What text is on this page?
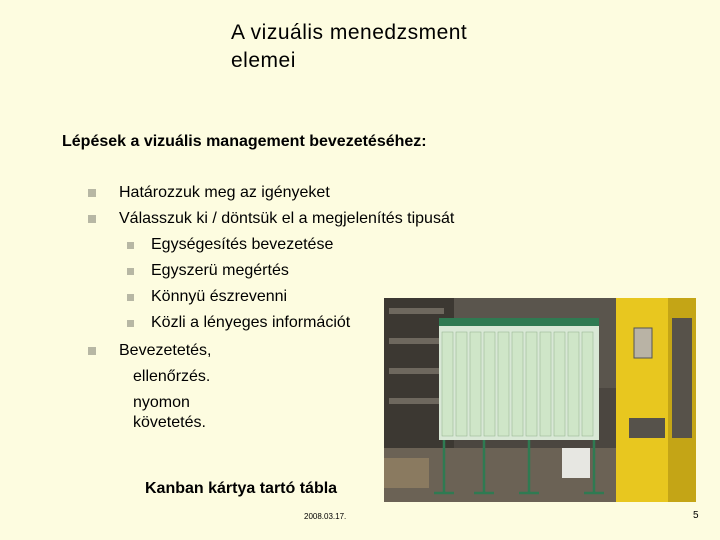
A vizuális menedzsment
elemei
Lépések a vizuális management bevezetéséhez:
Határozzuk meg az igényeket
Válasszuk ki / döntsük el a megjelenítés tipusát
Egységesítés bevezetése
Egyszerü megértés
Könnyü észrevenni
Közli a lényeges információt
Bevezetetés,
ellenőrzés.
nyomon követetés.
Kanban kártya tartó tábla
2008.03.17.	5
